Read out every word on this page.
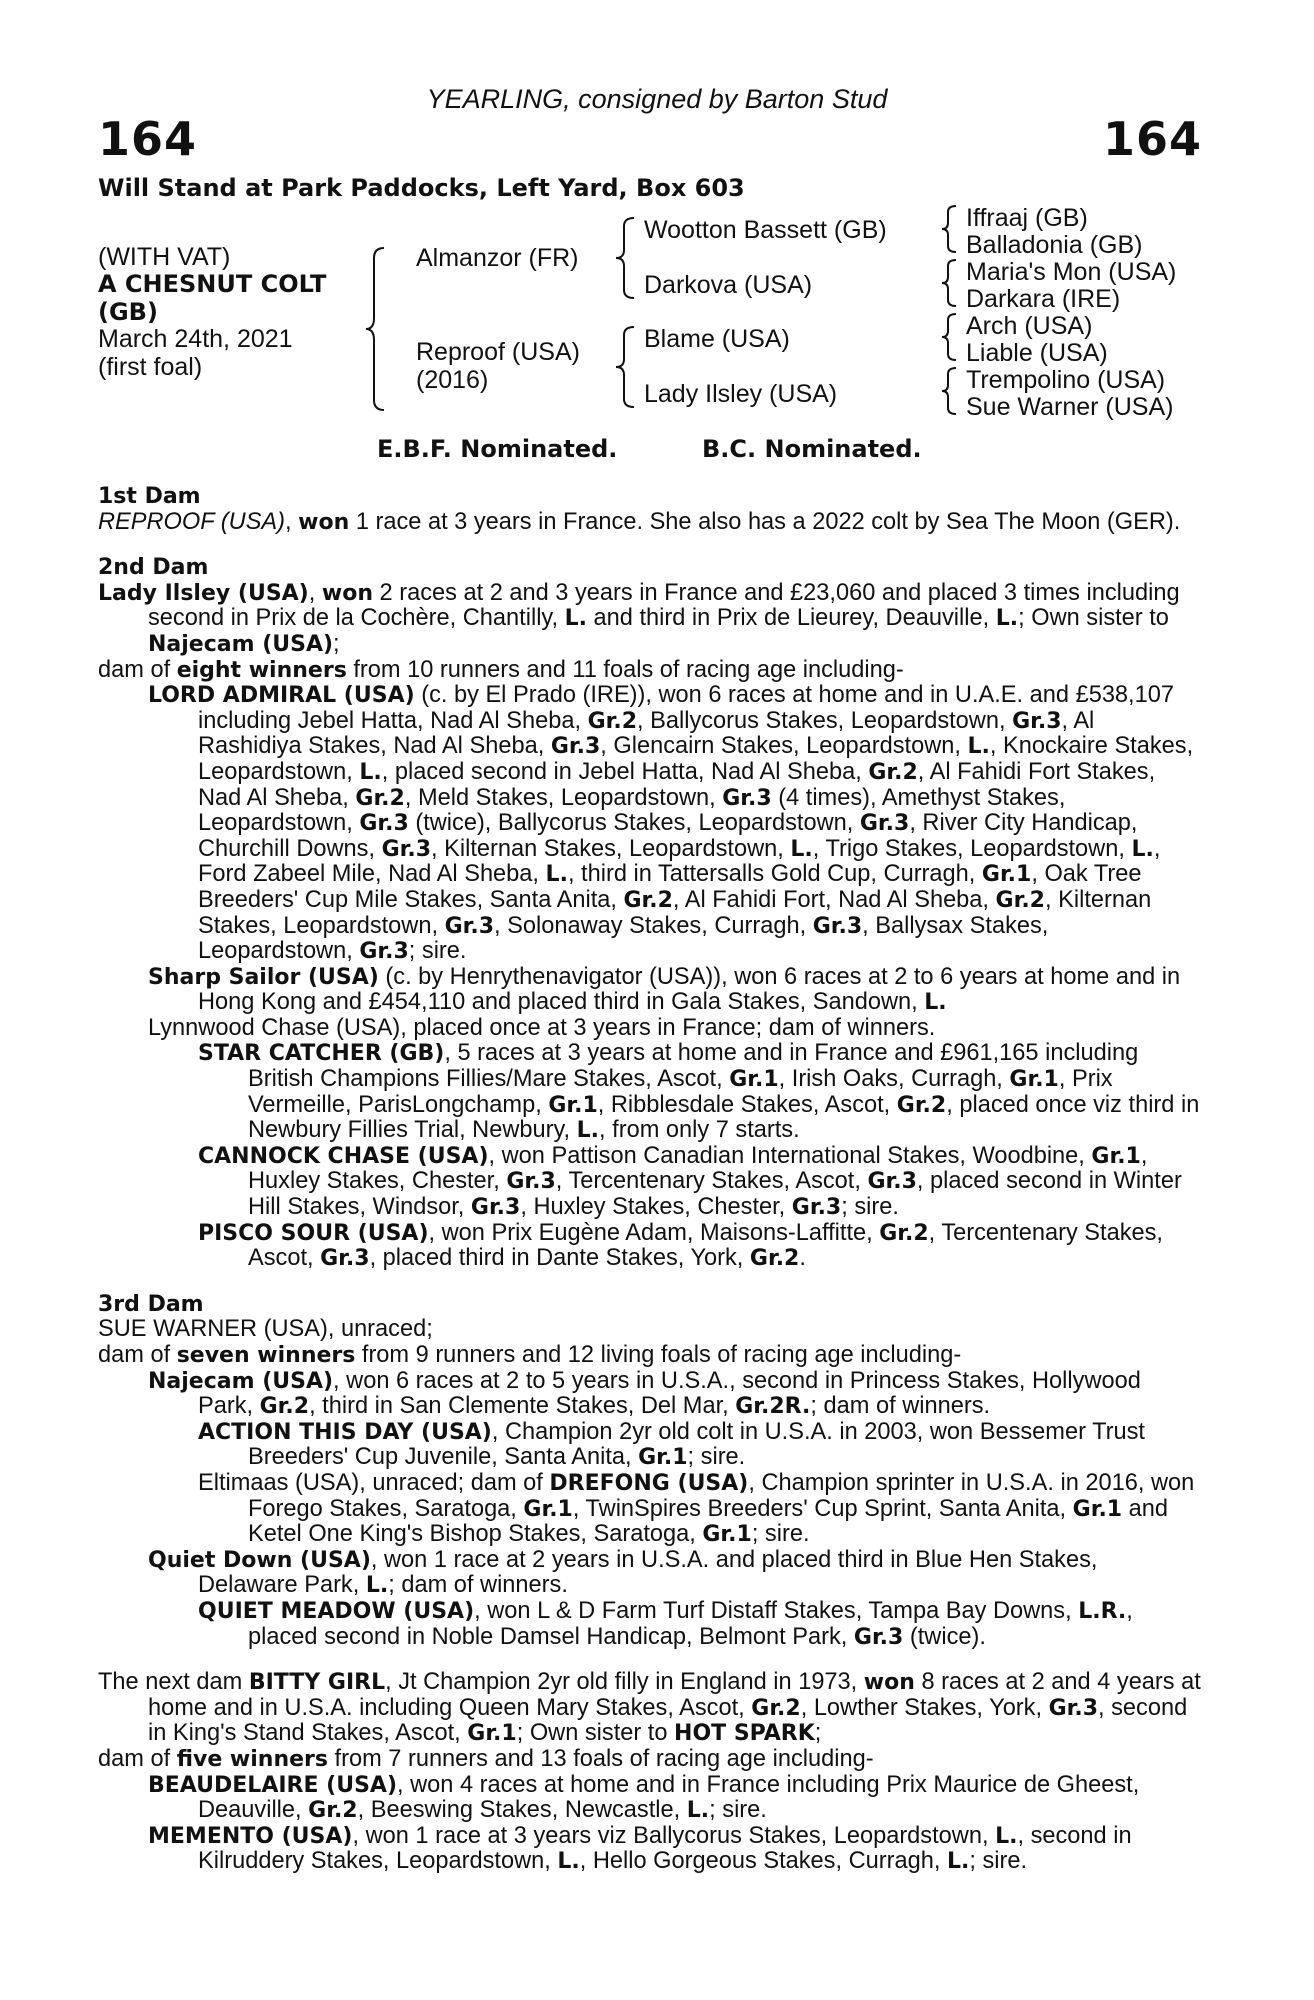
YEARLING, consigned by Barton Stud
164	164
Will Stand at Park Paddocks, Left Yard, Box 603
(WITH VAT)
A CHESNUT COLT
(GB)
March 24th, 2021
(first foal)
Almanzor (FR)
Reproof (USA)
(2016)
Wootton Bassett (GB)
Darkova (USA)
Blame (USA)
Lady Ilsley (USA)
Iffraaj (GB)
Balladonia (GB)
Maria's Mon (USA)
Darkara (IRE)
Arch (USA)
Liable (USA)
Trempolino (USA)
Sue Warner (USA)
E.B.F. Nominated.	B.C. Nominated.

1st Dam

REPROOF (USA), won 1 race at 3 years in France. She also has a 2022 colt by Sea The Moon (GER).

2nd Dam

Lady Ilsley (USA), won 2 races at 2 and 3 years in France and £23,060 and placed 3 times including second in Prix de la Cochère, Chantilly, L. and third in Prix de Lieurey, Deauville, L.; Own sister to Najecam (USA);

dam of eight winners from 10 runners and 11 foals of racing age including-

LORD ADMIRAL (USA) (c. by El Prado (IRE)), won 6 races at home and in U.A.E. and £538,107 including Jebel Hatta, Nad Al Sheba, Gr.2, Ballycorus Stakes, Leopardstown, Gr.3, Al Rashidiya Stakes, Nad Al Sheba, Gr.3, Glencairn Stakes, Leopardstown, L., Knockaire Stakes, Leopardstown, L., placed second in Jebel Hatta, Nad Al Sheba, Gr.2, Al Fahidi Fort Stakes, Nad Al Sheba, Gr.2, Meld Stakes, Leopardstown, Gr.3 (4 times), Amethyst Stakes, Leopardstown, Gr.3 (twice), Ballycorus Stakes, Leopardstown, Gr.3, River City Handicap, Churchill Downs, Gr.3, Kilternan Stakes, Leopardstown, L., Trigo Stakes, Leopardstown, L., Ford Zabeel Mile, Nad Al Sheba, L., third in Tattersalls Gold Cup, Curragh, Gr.1, Oak Tree Breeders' Cup Mile Stakes, Santa Anita, Gr.2, Al Fahidi Fort, Nad Al Sheba, Gr.2, Kilternan Stakes, Leopardstown, Gr.3, Solonaway Stakes, Curragh, Gr.3, Ballysax Stakes, Leopardstown, Gr.3; sire.

Sharp Sailor (USA) (c. by Henrythenavigator (USA)), won 6 races at 2 to 6 years at home and in Hong Kong and £454,110 and placed third in Gala Stakes, Sandown, L.

Lynnwood Chase (USA), placed once at 3 years in France; dam of winners.

STAR CATCHER (GB), 5 races at 3 years at home and in France and £961,165 including British Champions Fillies/Mare Stakes, Ascot, Gr.1, Irish Oaks, Curragh, Gr.1, Prix Vermeille, ParisLongchamp, Gr.1, Ribblesdale Stakes, Ascot, Gr.2, placed once viz third in Newbury Fillies Trial, Newbury, L., from only 7 starts.

CANNOCK CHASE (USA), won Pattison Canadian International Stakes, Woodbine, Gr.1, Huxley Stakes, Chester, Gr.3, Tercentenary Stakes, Ascot, Gr.3, placed second in Winter Hill Stakes, Windsor, Gr.3, Huxley Stakes, Chester, Gr.3; sire.

PISCO SOUR (USA), won Prix Eugène Adam, Maisons-Laffitte, Gr.2, Tercentenary Stakes, Ascot, Gr.3, placed third in Dante Stakes, York, Gr.2.

3rd Dam

SUE WARNER (USA), unraced;

dam of seven winners from 9 runners and 12 living foals of racing age including-

Najecam (USA), won 6 races at 2 to 5 years in U.S.A., second in Princess Stakes, Hollywood Park, Gr.2, third in San Clemente Stakes, Del Mar, Gr.2R.; dam of winners.

ACTION THIS DAY (USA), Champion 2yr old colt in U.S.A. in 2003, won Bessemer Trust Breeders' Cup Juvenile, Santa Anita, Gr.1; sire.

Eltimaas (USA), unraced; dam of DREFONG (USA), Champion sprinter in U.S.A. in 2016, won Forego Stakes, Saratoga, Gr.1, TwinSpires Breeders' Cup Sprint, Santa Anita, Gr.1 and Ketel One King's Bishop Stakes, Saratoga, Gr.1; sire.

Quiet Down (USA), won 1 race at 2 years in U.S.A. and placed third in Blue Hen Stakes, Delaware Park, L.; dam of winners.

QUIET MEADOW (USA), won L & D Farm Turf Distaff Stakes, Tampa Bay Downs, L.R., placed second in Noble Damsel Handicap, Belmont Park, Gr.3 (twice).

The next dam BITTY GIRL, Jt Champion 2yr old filly in England in 1973, won 8 races at 2 and 4 years at home and in U.S.A. including Queen Mary Stakes, Ascot, Gr.2, Lowther Stakes, York, Gr.3, second in King's Stand Stakes, Ascot, Gr.1; Own sister to HOT SPARK;

dam of five winners from 7 runners and 13 foals of racing age including-

BEAUDELAIRE (USA), won 4 races at home and in France including Prix Maurice de Gheest, Deauville, Gr.2, Beeswing Stakes, Newcastle, L.; sire.

MEMENTO (USA), won 1 race at 3 years viz Ballycorus Stakes, Leopardstown, L., second in Kilruddery Stakes, Leopardstown, L., Hello Gorgeous Stakes, Curragh, L.; sire.
